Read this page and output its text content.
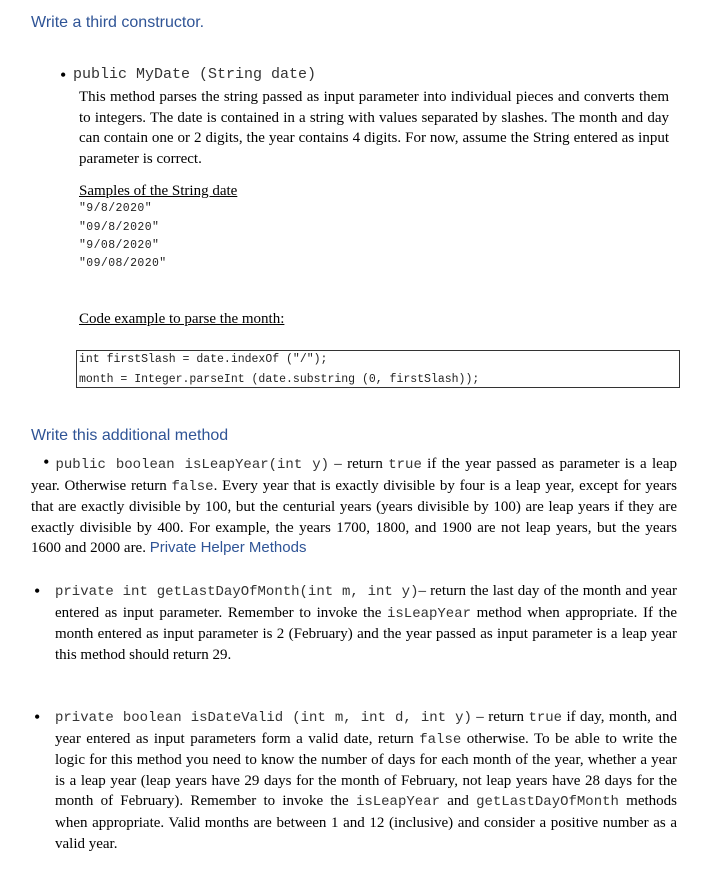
Write a third constructor.
• public MyDate (String date)
This method parses the string passed as input parameter into individual pieces and converts them to integers. The date is contained in a string with values separated by slashes. The month and day can contain one or 2 digits, the year contains 4 digits. For now, assume the String entered as input parameter is correct.
Samples of the String date
"9/8/2020"
"09/8/2020"
"9/08/2020"
"09/08/2020"
Code example to parse the month:
int firstSlash = date.indexOf ("/");
month = Integer.parseInt (date.substring (0, firstSlash));
Write this additional method
• public boolean isLeapYear(int y) – return true if the year passed as parameter is a leap year. Otherwise return false. Every year that is exactly divisible by four is a leap year, except for years that are exactly divisible by 100, but the centurial years (years divisible by 100) are leap years if they are exactly divisible by 400. For example, the years 1700, 1800, and 1900 are not leap years, but the years 1600 and 2000 are. Private Helper Methods
• private int getLastDayOfMonth(int m, int y)– return the last day of the month and year entered as input parameter. Remember to invoke the isLeapYear method when appropriate. If the month entered as input parameter is 2 (February) and the year passed as input parameter is a leap year this method should return 29.
• private boolean isDateValid (int m, int d, int y) – return true if day, month, and year entered as input parameters form a valid date, return false otherwise. To be able to write the logic for this method you need to know the number of days for each month of the year, whether a year is a leap year (leap years have 29 days for the month of February, not leap years have 28 days for the month of February). Remember to invoke the isLeapYear and getLastDayOfMonth methods when appropriate. Valid months are between 1 and 12 (inclusive) and consider a positive number as a valid year.
